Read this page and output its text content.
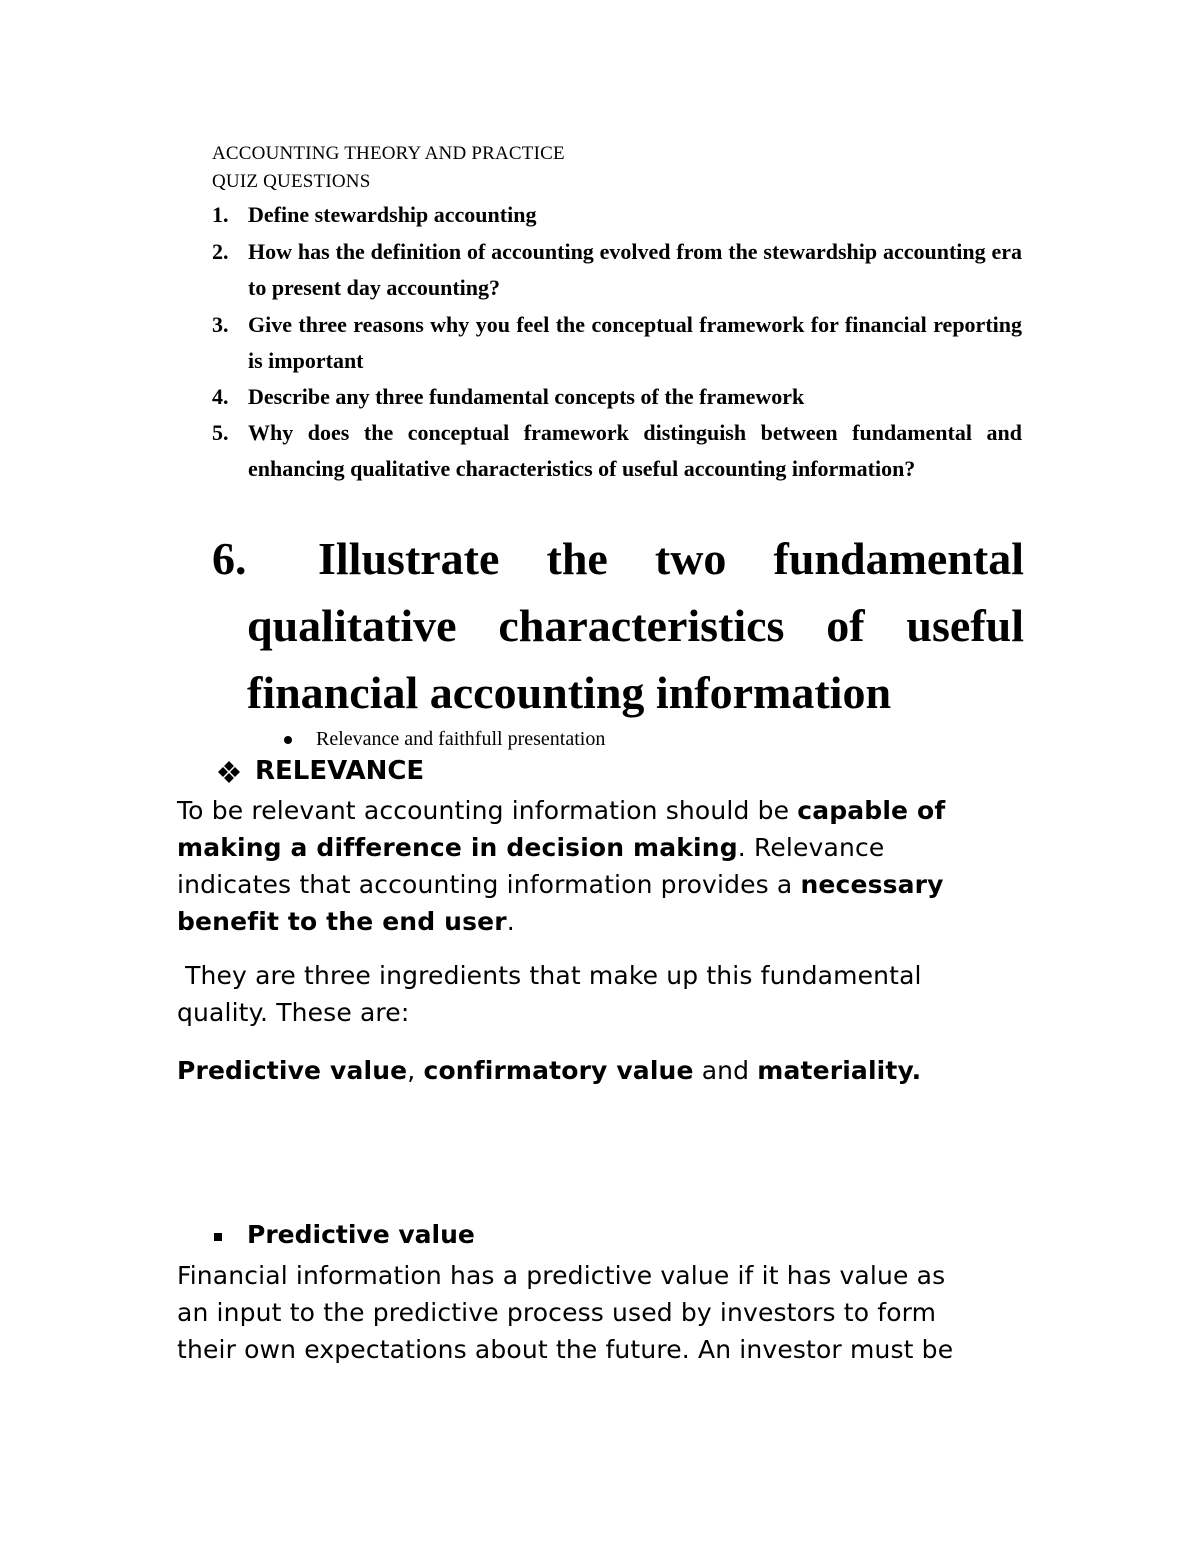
ACCOUNTING THEORY AND PRACTICE
QUIZ QUESTIONS
1. Define stewardship accounting
2. How has the definition of accounting evolved from the stewardship accounting era to present day accounting?
3. Give three reasons why you feel the conceptual framework for financial reporting is important
4. Describe any three fundamental concepts of the framework
5. Why does the conceptual framework distinguish between fundamental and enhancing qualitative characteristics of useful accounting information?
6.	Illustrate the two fundamental qualitative characteristics of useful financial accounting information
Relevance and faithfull presentation
RELEVANCE
To be relevant accounting information should be capable of
making a difference in decision making. Relevance
indicates that accounting information provides a necessary
benefit to the end user.
They are three ingredients that make up this fundamental
quality. These are:
Predictive value, confirmatory value and materiality.
Predictive value
Financial information has a predictive value if it has value as
an input to the predictive process used by investors to form
their own expectations about the future. An investor must be
